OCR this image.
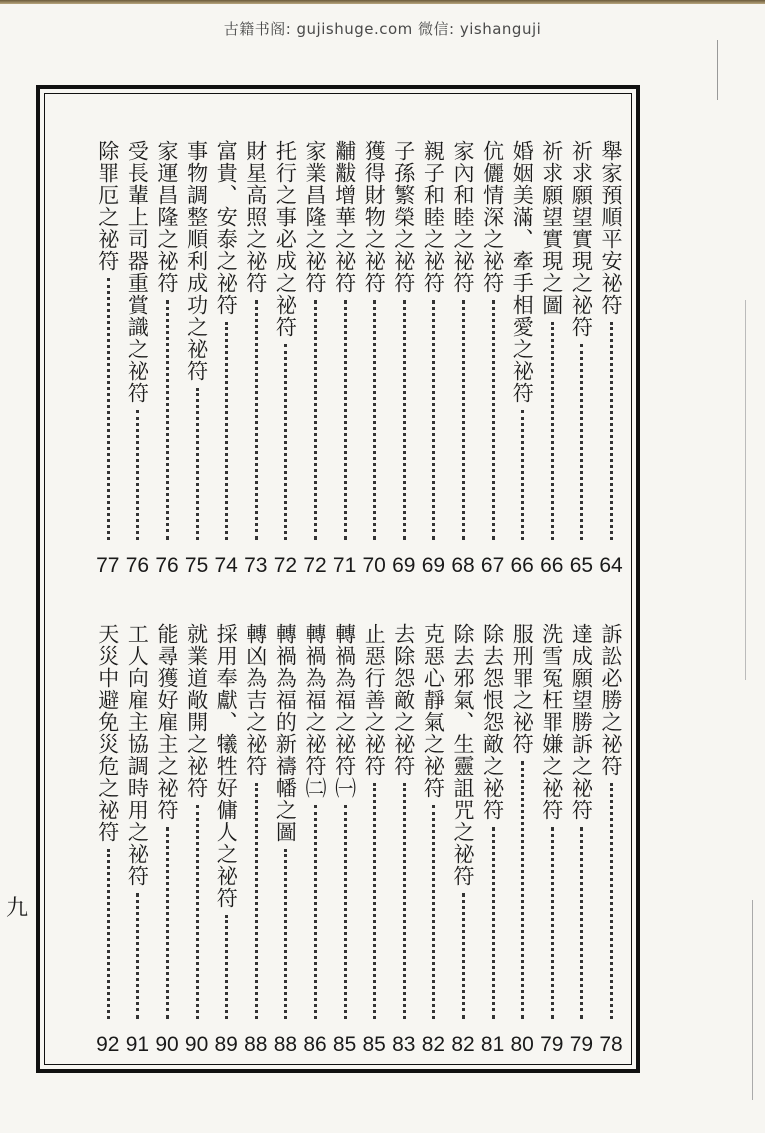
古籍书阁: gujishuge.com 微信: yishanguji
舉家預順平安祕符
64
祈求願望實現之祕符
65
祈求願望實現之圖
66
婚姻美滿、牽手相愛之祕符
66
伉儷情深之祕符
67
家內和睦之祕符
68
親子和睦之祕符
69
子孫繁榮之祕符
69
獲得財物之祕符
70
黼黻增華之祕符
71
家業昌隆之祕符
72
托行之事必成之祕符
72
財星高照之祕符
73
富貴、安泰之祕符
74
事物調整順利成功之祕符
75
家運昌隆之祕符
76
受長輩上司器重賞識之祕符
76
除罪厄之祕符
77
訴訟必勝之祕符
78
達成願望勝訴之祕符
79
洗雪冤枉罪嫌之祕符
79
服刑罪之祕符
80
除去怨恨怨敵之祕符
81
除去邪氣、生靈詛咒之祕符
82
克惡心靜氣之祕符
82
去除怨敵之祕符
83
止惡行善之祕符
85
轉禍為福之祕符㈠
85
轉禍為福之祕符㈡
86
轉禍為福的新禱幡之圖
88
轉凶為吉之祕符
88
採用奉獻、犧牲好傭人之祕符
89
就業道敞開之祕符
90
能尋獲好雇主之祕符
90
工人向雇主協調時用之祕符
91
天災中避免災危之祕符
92
九
